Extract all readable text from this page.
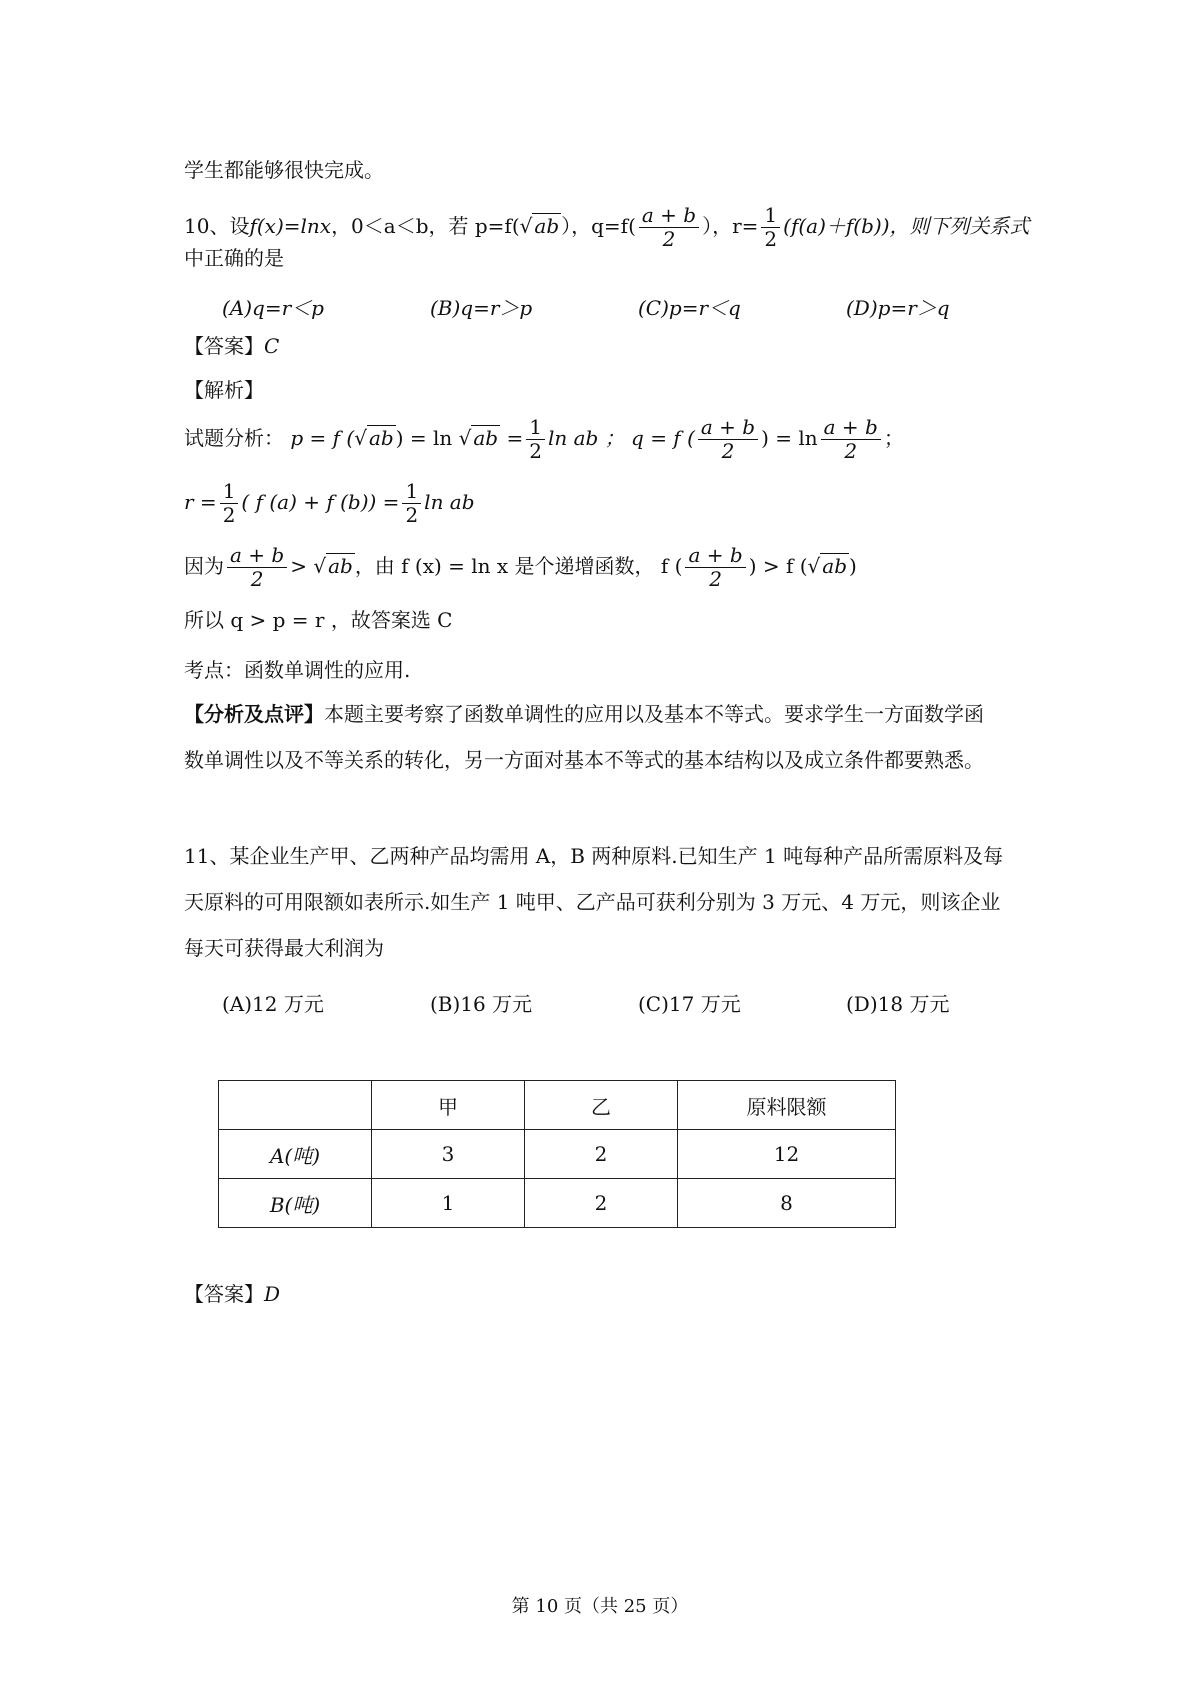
学生都能够很快完成。
10、设f(x)=lnx，0＜a＜b，若 p=f(√ ab ），$q=f( \frac{a + b}{2}$ ），$r= \frac{1}{2} (f(a)+f(b))$，则下列关系式
中正确的是
(A)q=r＜p	(B)q=r＞p	(C)p=r＜q	(D)p=r＞q
【答案】C
【解析】
试题分析： p = f (√ ab ) = ln √ ab = $\frac{1}{2}$ ln ab ； q = f ( $\frac{a + b}{2}$ ) = $\ln \frac{a + b}{2}$ ；
$r = \frac{1}{2}$ ( f (a) + f $(b)) = \frac{1}{2}$ ln ab
因为 $\frac{a + b}{2}$ > √ ab ，由 f (x) = ln x 是个递增函数， f ( $\frac{a + b}{2}$ ) > f (√ ab )
所以 q > p = r ，故答案选 C
考点：函数单调性的应用.
【分析及点评】本题主要考察了函数单调性的应用以及基本不等式。要求学生一方面数学函
数单调性以及不等关系的转化，另一方面对基本不等式的基本结构以及成立条件都要熟悉。
11、某企业生产甲、乙两种产品均需用 A，B 两种原料.已知生产 1 吨每种产品所需原料及每
天原料的可用限额如表所示.如生产 1 吨甲、乙产品可获利分别为 3 万元、4 万元，则该企业
每天可获得最大利润为
(A)12 万元	(B)16 万元	(C)17 万元	(D)18 万元
	甲	乙	原料限额
A(吨)	3	2	12
B(吨)	1	2	8
【答案】D
第 10 页（共 25 页）
